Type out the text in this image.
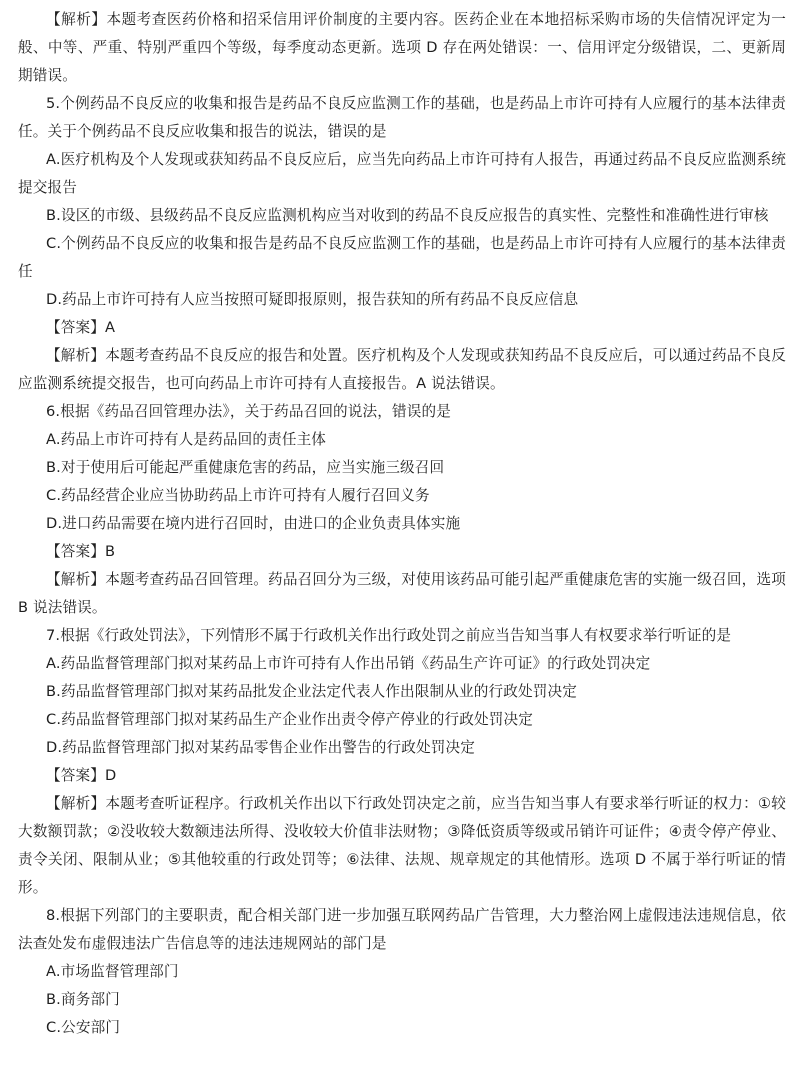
【解析】本题考查医药价格和招采信用评价制度的主要内容。医药企业在本地招标采购市场的失信情况评定为一般、中等、严重、特别严重四个等级，每季度动态更新。选项 D 存在两处错误：一、信用评定分级错误，二、更新周期错误。

5.个例药品不良反应的收集和报告是药品不良反应监测工作的基础，也是药品上市许可持有人应履行的基本法律责任。关于个例药品不良反应收集和报告的说法，错误的是

A.医疗机构及个人发现或获知药品不良反应后，应当先向药品上市许可持有人报告，再通过药品不良反应监测系统提交报告

B.设区的市级、县级药品不良反应监测机构应当对收到的药品不良反应报告的真实性、完整性和准确性进行审核

C.个例药品不良反应的收集和报告是药品不良反应监测工作的基础，也是药品上市许可持有人应履行的基本法律责任

D.药品上市许可持有人应当按照可疑即报原则，报告获知的所有药品不良反应信息

【答案】A

【解析】本题考查药品不良反应的报告和处置。医疗机构及个人发现或获知药品不良反应后，可以通过药品不良反应监测系统提交报告，也可向药品上市许可持有人直接报告。A 说法错误。

6.根据《药品召回管理办法》，关于药品召回的说法，错误的是

A.药品上市许可持有人是药品回的责任主体

B.对于使用后可能起严重健康危害的药品，应当实施三级召回

C.药品经营企业应当协助药品上市许可持有人履行召回义务

D.进口药品需要在境内进行召回时，由进口的企业负责具体实施

【答案】B

【解析】本题考查药品召回管理。药品召回分为三级，对使用该药品可能引起严重健康危害的实施一级召回，选项 B 说法错误。

7.根据《行政处罚法》，下列情形不属于行政机关作出行政处罚之前应当告知当事人有权要求举行听证的是

A.药品监督管理部门拟对某药品上市许可持有人作出吊销《药品生产许可证》的行政处罚决定

B.药品监督管理部门拟对某药品批发企业法定代表人作出限制从业的行政处罚决定

C.药品监督管理部门拟对某药品生产企业作出责令停产停业的行政处罚决定

D.药品监督管理部门拟对某药品零售企业作出警告的行政处罚决定

【答案】D

【解析】本题考查听证程序。行政机关作出以下行政处罚决定之前，应当告知当事人有要求举行听证的权力：①较大数额罚款；②没收较大数额违法所得、没收较大价值非法财物；③降低资质等级或吊销许可证件；④责令停产停业、责令关闭、限制从业；⑤其他较重的行政处罚等；⑥法律、法规、规章规定的其他情形。选项 D 不属于举行听证的情形。

8.根据下列部门的主要职责，配合相关部门进一步加强互联网药品广告管理，大力整治网上虚假违法违规信息，依法查处发布虚假违法广告信息等的违法违规网站的部门是

A.市场监督管理部门

B.商务部门

C.公安部门
